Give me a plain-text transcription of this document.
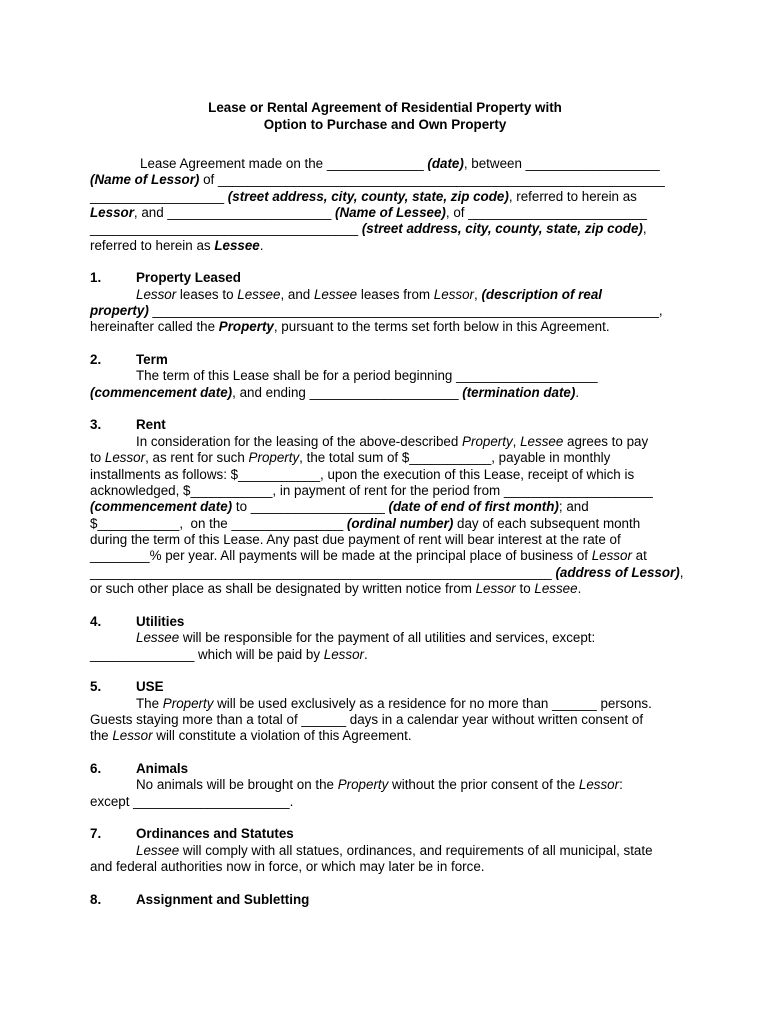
Lease or Rental Agreement of Residential Property with
Option to Purchase and Own Property
Lease Agreement made on the _____________ (date), between __________________
(Name of Lessor) of ____________________________________________________________
__________________ (street address, city, county, state, zip code), referred to herein as
Lessor, and ______________________ (Name of Lessee), of ________________________
____________________________________ (street address, city, county, state, zip code),
referred to herein as Lessee.
1.	Property Leased
Lessor leases to Lessee, and Lessee leases from Lessor, (description of real
property) ____________________________________________________________________,
hereinafter called the Property, pursuant to the terms set forth below in this Agreement.
2.	Term
The term of this Lease shall be for a period beginning ___________________
(commencement date), and ending ____________________ (termination date).
3.	Rent
In consideration for the leasing of the above-described Property, Lessee agrees to pay
to Lessor, as rent for such Property, the total sum of $___________, payable in monthly
installments as follows: $___________, upon the execution of this Lease, receipt of which is
acknowledged, $___________, in payment of rent for the period from ____________________
(commencement date) to __________________ (date of end of first month); and
$___________,  on the _______________ (ordinal number) day of each subsequent month
during the term of this Lease. Any past due payment of rent will bear interest at the rate of
________% per year. All payments will be made at the principal place of business of Lessor at
______________________________________________________________ (address of Lessor),
or such other place as shall be designated by written notice from Lessor to Lessee.
4.	Utilities
Lessee will be responsible for the payment of all utilities and services, except:
______________ which will be paid by Lessor.
5.	USE
The Property will be used exclusively as a residence for no more than ______ persons.
Guests staying more than a total of ______ days in a calendar year without written consent of
the Lessor will constitute a violation of this Agreement.
6.	Animals
No animals will be brought on the Property without the prior consent of the Lessor:
except _____________________.
7.	Ordinances and Statutes
Lessee will comply with all statues, ordinances, and requirements of all municipal, state
and federal authorities now in force, or which may later be in force.
8.	Assignment and Subletting
